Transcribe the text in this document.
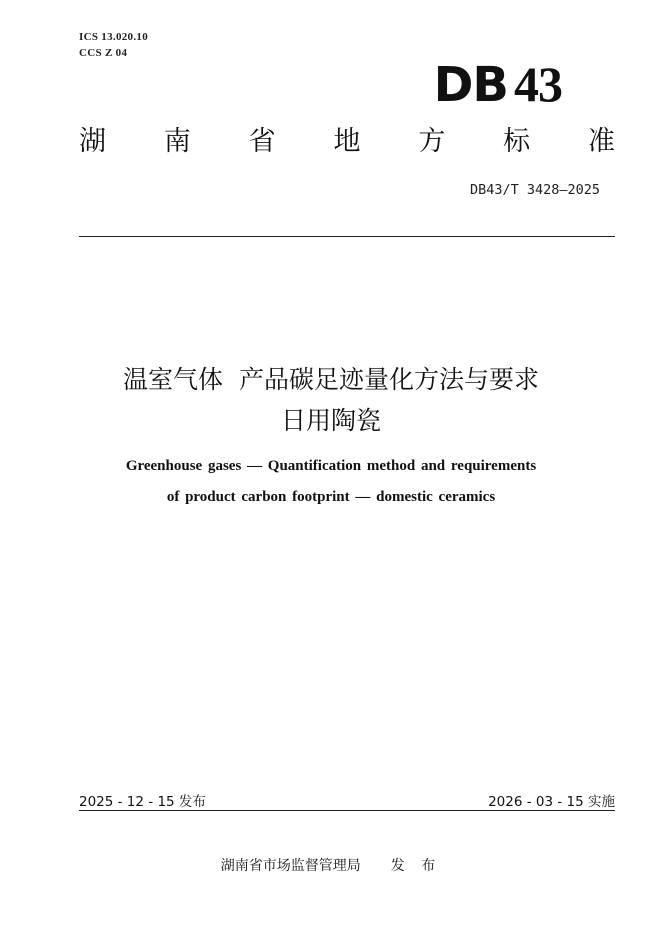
ICS 13.020.10
CCS Z 04
DB 43
湖 南 省 地 方 标 准
DB43/T 3428—2025
温室气体  产品碳足迹量化方法与要求
日用陶瓷
Greenhouse gases — Quantification method and requirements
of product carbon footprint — domestic ceramics
2025 - 12 - 15 发布	2026 - 03 - 15 实施
湖南省市场监督管理局 发 布
